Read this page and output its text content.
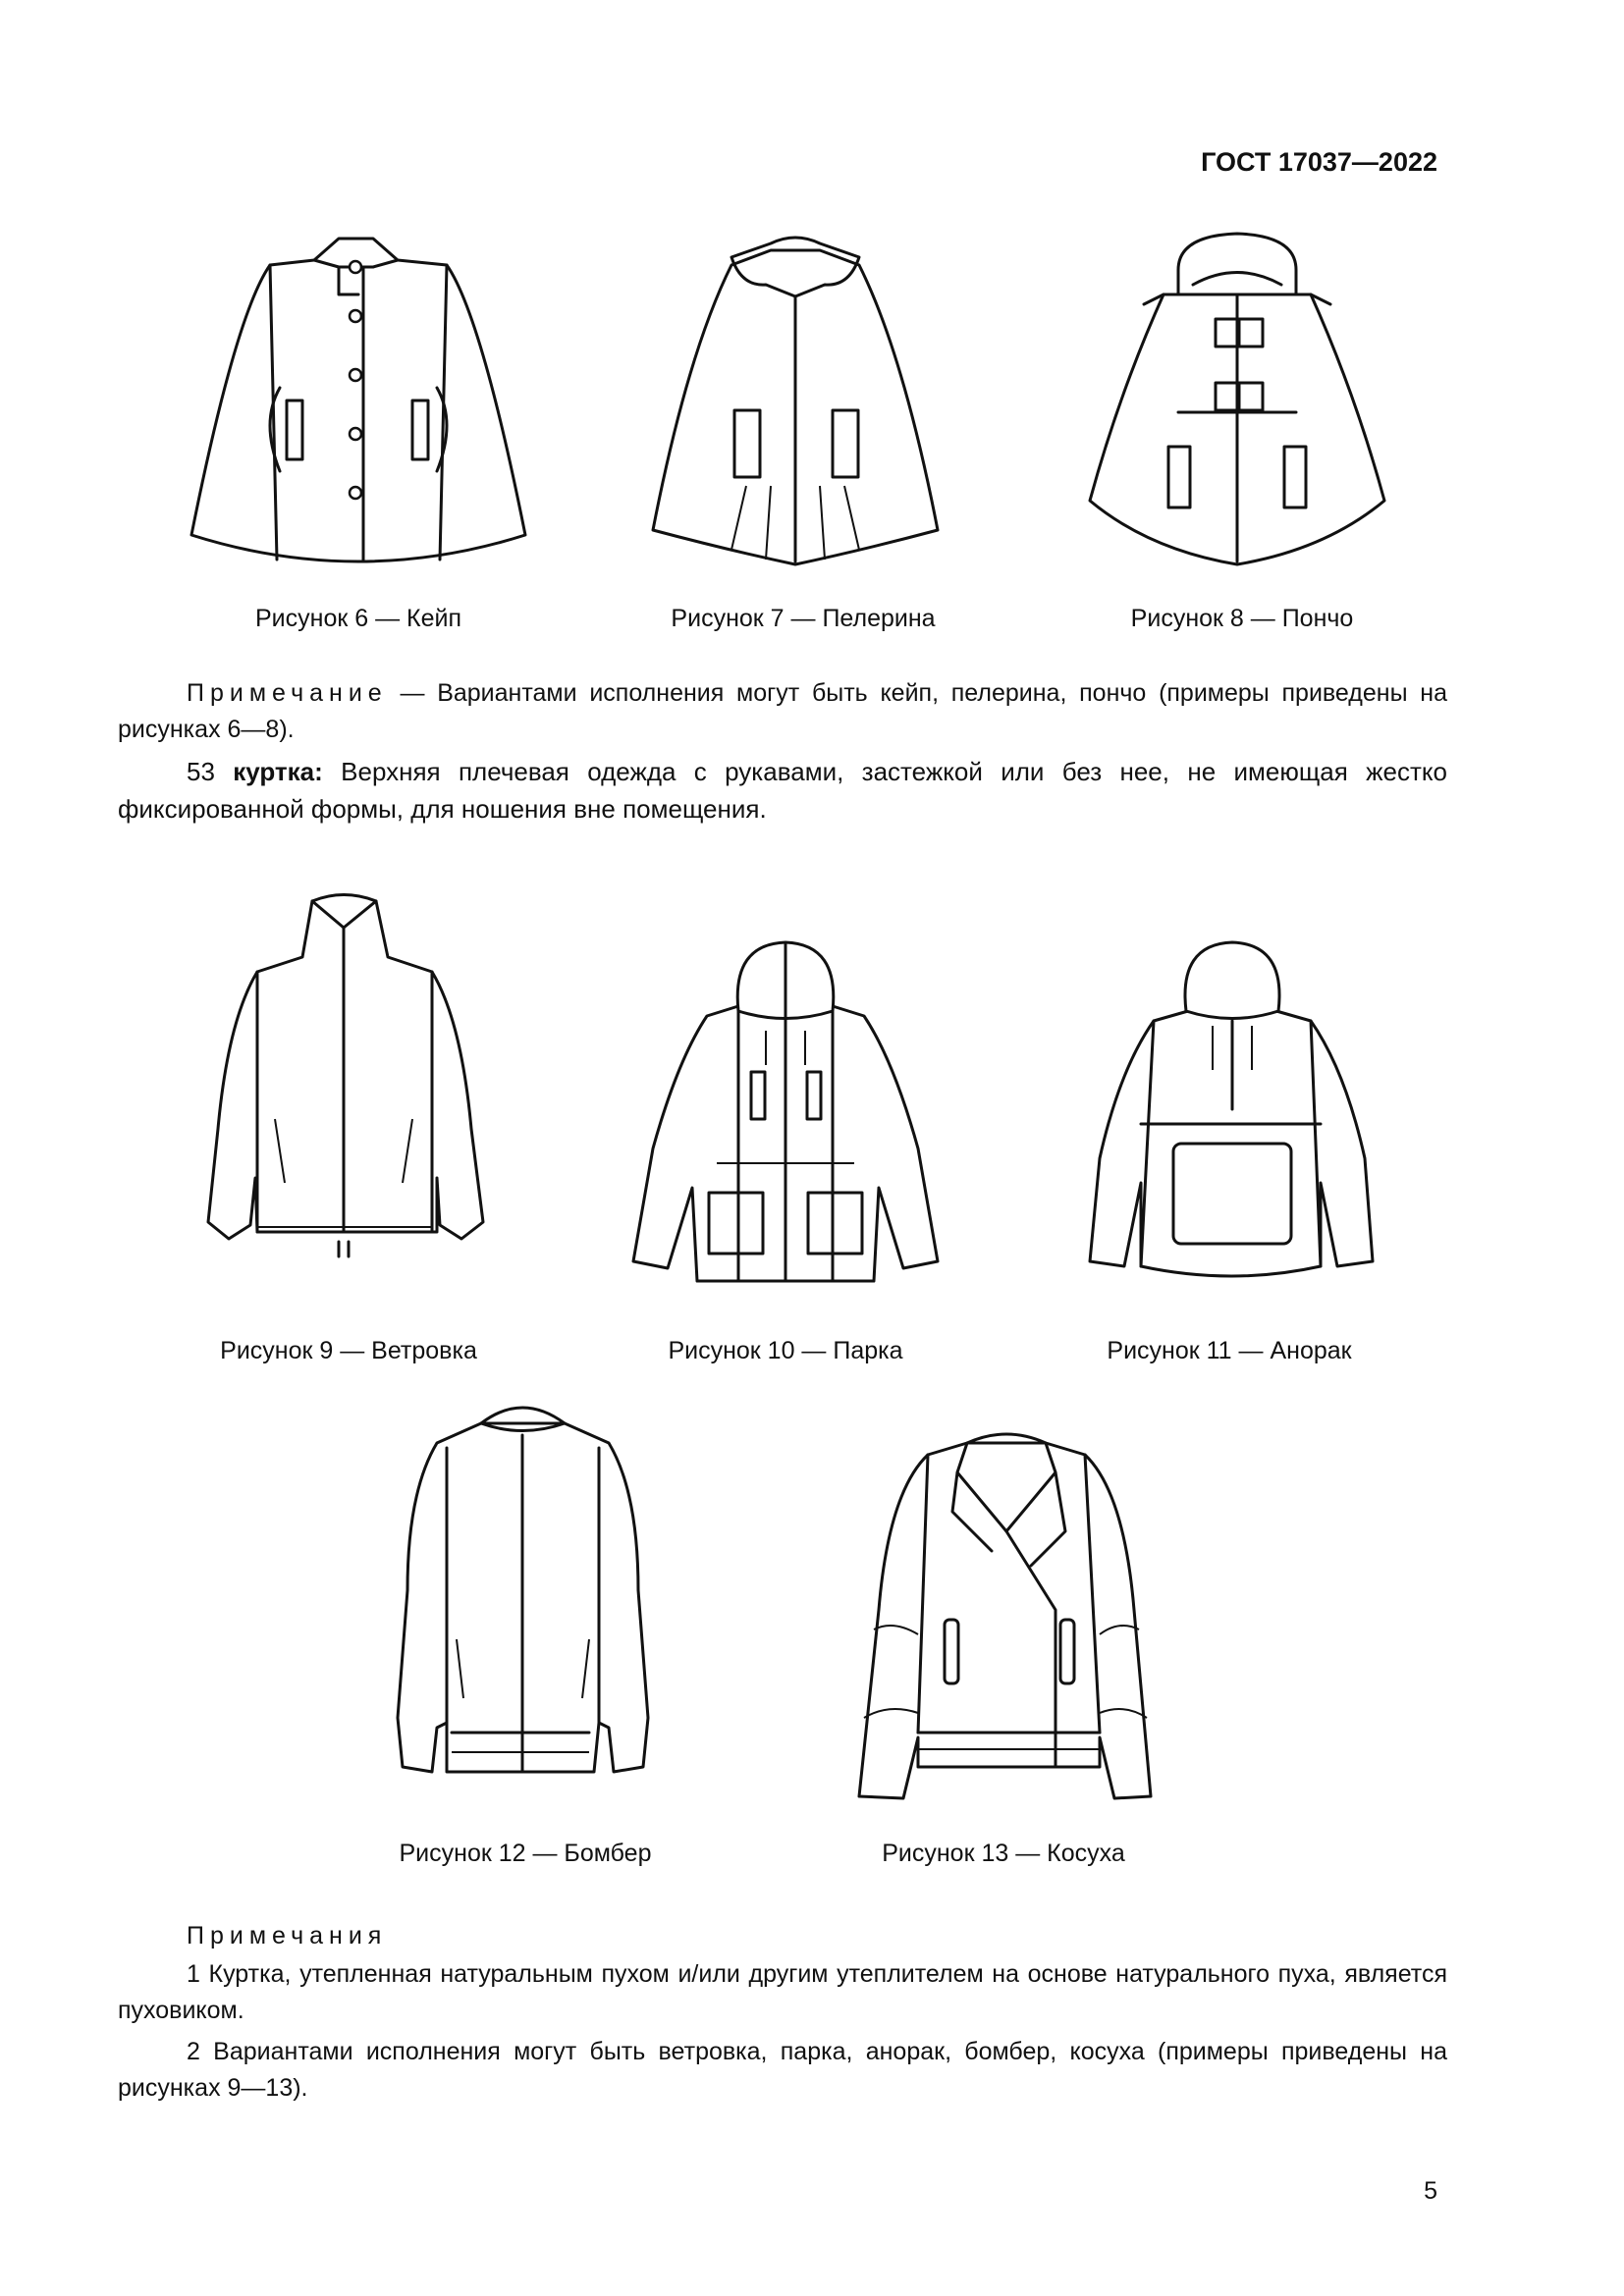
ГОСТ 17037—2022
Рисунок 6 — Кейп	Рисунок 7 — Пелерина	Рисунок 8 — Пончо
Примечание — Вариантами исполнения могут быть кейп, пелерина, пончо (примеры приведены на рисунках 6—8).
53 куртка: Верхняя плечевая одежда с рукавами, застежкой или без нее, не имеющая жестко фиксированной формы, для ношения вне помещения.
Рисунок 9 — Ветровка	Рисунок 10 — Парка	Рисунок 11 — Анорак
Рисунок 12 — Бомбер	Рисунок 13 — Косуха
Примечания
1 Куртка, утепленная натуральным пухом и/или другим утеплителем на основе натурального пуха, является пуховиком.
2 Вариантами исполнения могут быть ветровка, парка, анорак, бомбер, косуха (примеры приведены на рисунках 9—13).
5
